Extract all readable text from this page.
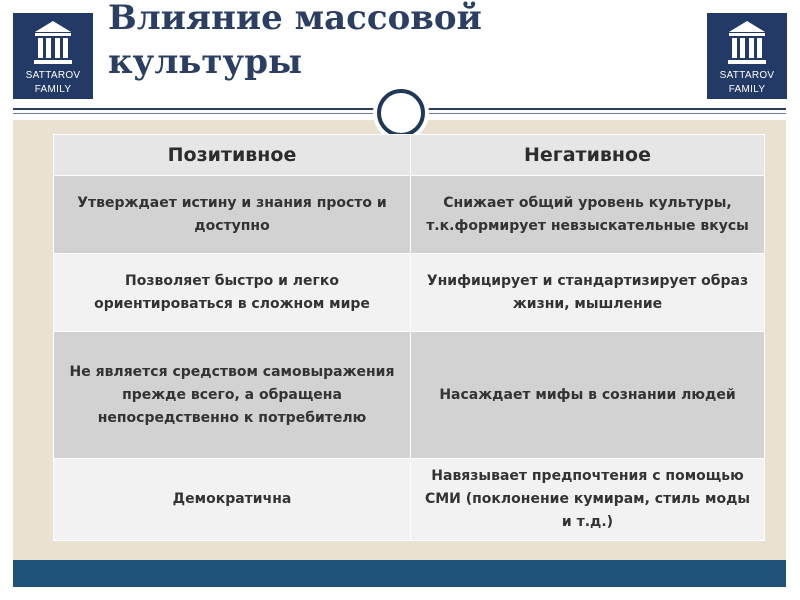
SATTAROV
FAMILY
SATTAROV
FAMILY
Влияние массовой
культуры
Позитивное	Негативное
Утверждает истину и знания просто и доступно	Снижает общий уровень культуры, т.к.формирует невзыскательные вкусы
Позволяет быстро и легко ориентироваться в сложном мире	Унифицирует и стандартизирует образ жизни, мышление
Не является средством самовыражения прежде всего, а обращена непосредственно к потребителю	Насаждает мифы в сознании людей
Демократична	Навязывает предпочтения с помощью СМИ (поклонение кумирам, стиль моды и т.д.)
